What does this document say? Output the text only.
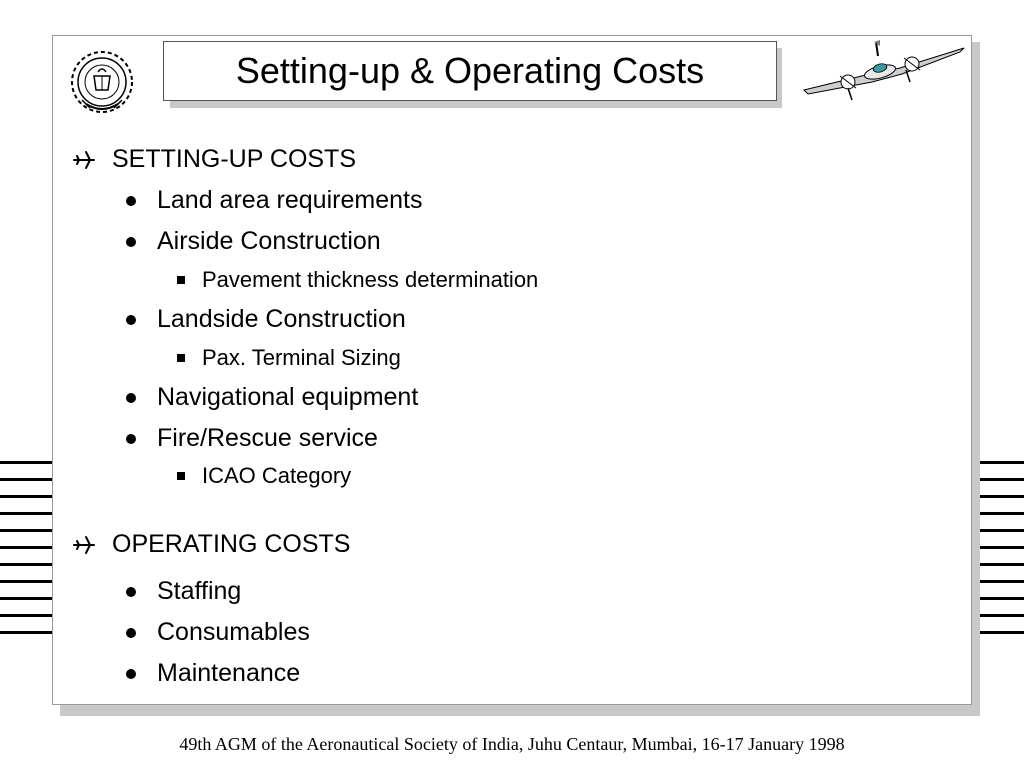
Setting-up & Operating Costs
SETTING-UP COSTS
Land area requirements
Airside Construction
Pavement thickness determination
Landside Construction
Pax. Terminal Sizing
Navigational equipment
Fire/Rescue service
ICAO Category
OPERATING COSTS
Staffing
Consumables
Maintenance
49th AGM of the Aeronautical Society of India, Juhu Centaur, Mumbai, 16-17 January 1998
